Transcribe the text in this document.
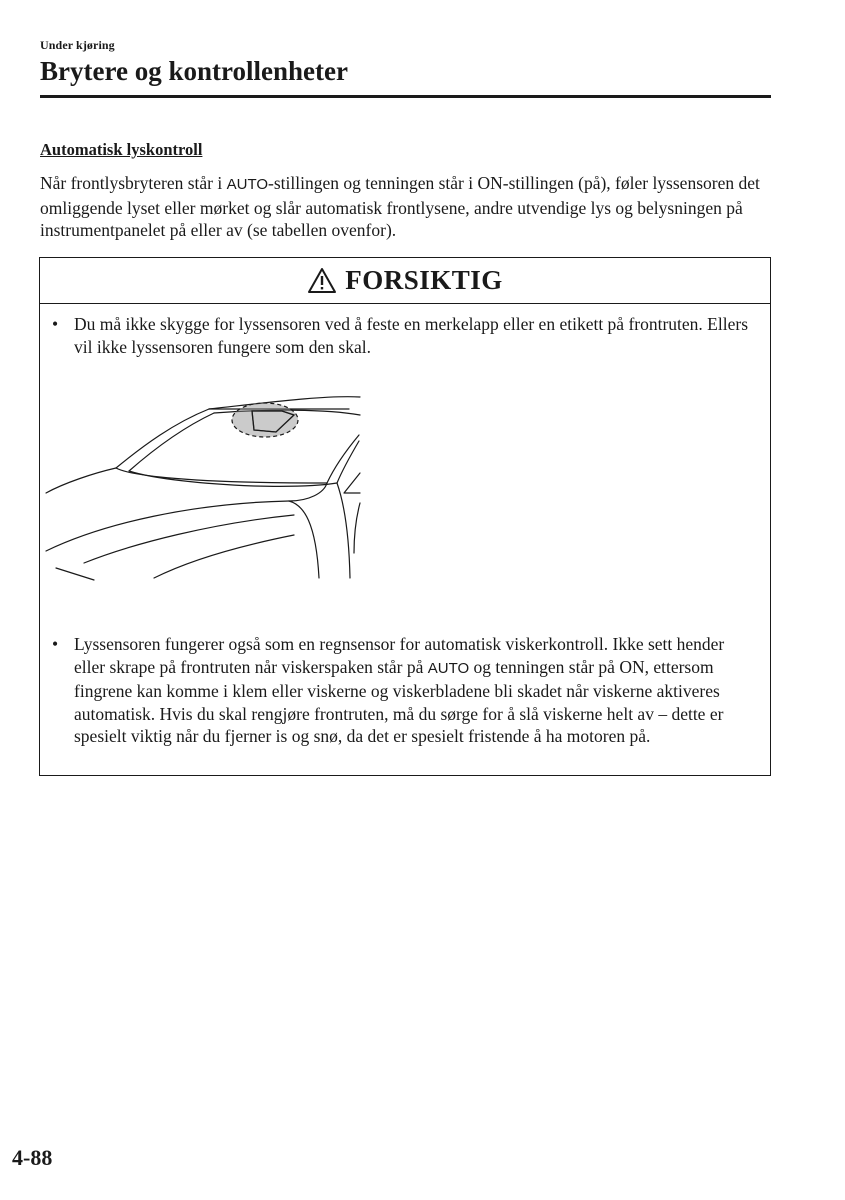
Under kjøring
Brytere og kontrollenheter
Automatisk lyskontroll

Når frontlysbryteren står i AUTO-stillingen og tenningen står i ON-stillingen (på), føler lyssensoren det omliggende lyset eller mørket og slår automatisk frontlysene, andre utvendige lys og belysningen på instrumentpanelet på eller av (se tabellen ovenfor).

FORSIKTIG
• Du må ikke skygge for lyssensoren ved å feste en merkelapp eller en etikett på frontruten. Ellers vil ikke lyssensoren fungere som den skal.
• Lyssensoren fungerer også som en regnsensor for automatisk viskerkontroll. Ikke sett hender eller skrape på frontruten når viskerspaken står på AUTO og tenningen står på ON, ettersom fingrene kan komme i klem eller viskerne og viskerbladene bli skadet når viskerne aktiveres automatisk. Hvis du skal rengjøre frontruten, må du sørge for å slå viskerne helt av – dette er spesielt viktig når du fjerner is og snø, da det er spesielt fristende å ha motoren på.
4-88
